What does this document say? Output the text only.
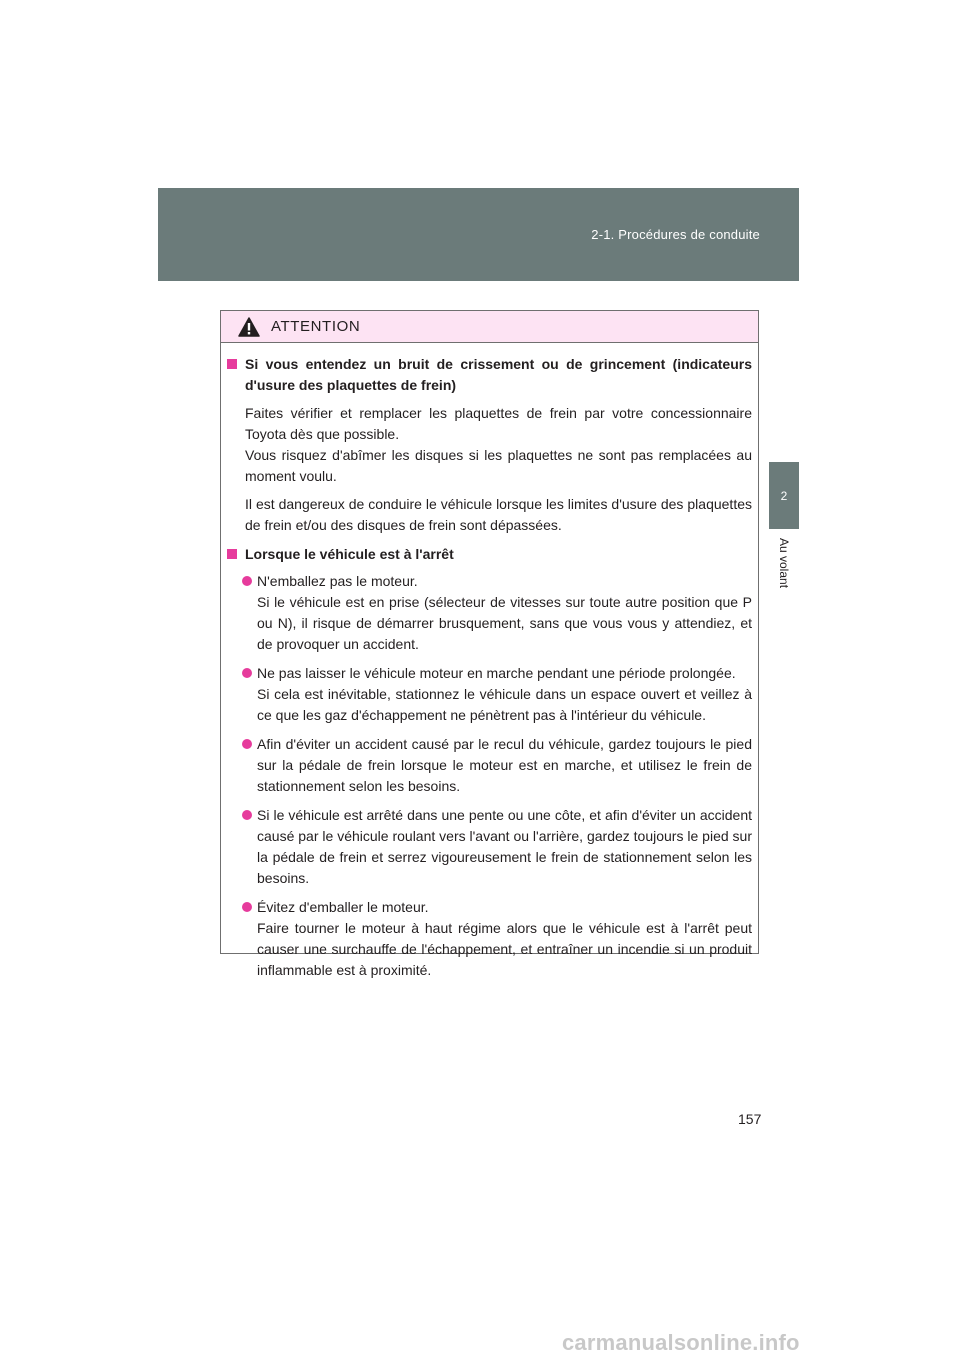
2-1. Procédures de conduite
2
Au volant
ATTENTION
Si vous entendez un bruit de crissement ou de grincement (indicateurs d'usure des plaquettes de frein)
Faites vérifier et remplacer les plaquettes de frein par votre concessionnaire Toyota dès que possible.
Vous risquez d'abîmer les disques si les plaquettes ne sont pas remplacées au moment voulu.
Il est dangereux de conduire le véhicule lorsque les limites d'usure des plaquettes de frein et/ou des disques de frein sont dépassées.
Lorsque le véhicule est à l'arrêt
N'emballez pas le moteur.
Si le véhicule est en prise (sélecteur de vitesses sur toute autre position que P ou N), il risque de démarrer brusquement, sans que vous vous y attendiez, et de provoquer un accident.
Ne pas laisser le véhicule moteur en marche pendant une période prolongée.
Si cela est inévitable, stationnez le véhicule dans un espace ouvert et veillez à ce que les gaz d'échappement ne pénètrent pas à l'intérieur du véhicule.
Afin d'éviter un accident causé par le recul du véhicule, gardez toujours le pied sur la pédale de frein lorsque le moteur est en marche, et utilisez le frein de stationnement selon les besoins.
Si le véhicule est arrêté dans une pente ou une côte, et afin d'éviter un accident causé par le véhicule roulant vers l'avant ou l'arrière, gardez toujours le pied sur la pédale de frein et serrez vigoureusement le frein de stationnement selon les besoins.
Évitez d'emballer le moteur.
Faire tourner le moteur à haut régime alors que le véhicule est à l'arrêt peut causer une surchauffe de l'échappement, et entraîner un incendie si un produit inflammable est à proximité.
157
carmanualsonline.info
